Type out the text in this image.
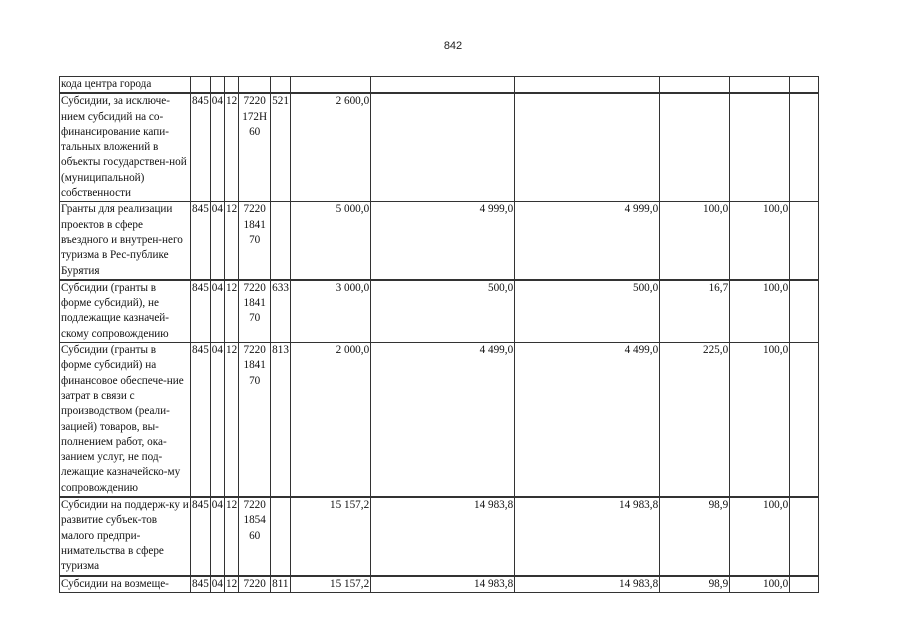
842
кода центра города											
Субсидии, за исключе-нием субсидий на со-финансирование капи-тальных вложений в объекты государствен-ной (муниципальной) собственности	845	04	12	7220 172Н 60	521	2 600,0					
Гранты для реализации проектов в сфере въездного и внутрен-него туризма в Рес-публике Бурятия	845	04	12	7220 1841 70		5 000,0	4 999,0	4 999,0	100,0	100,0	
Субсидии (гранты в форме субсидий), не подлежащие казначей-скому сопровождению	845	04	12	7220 1841 70	633	3 000,0	500,0	500,0	16,7	100,0	
Субсидии (гранты в форме субсидий) на финансовое обеспече-ние затрат в связи с производством (реали-зацией) товаров, вы-полнением работ, ока-занием услуг, не под-лежащие казначейско-му сопровождению	845	04	12	7220 1841 70	813	2 000,0	4 499,0	4 499,0	225,0	100,0	
Субсидии на поддерж-ку и развитие субъек-тов малого предпри-нимательства в сфере туризма	845	04	12	7220 1854 60		15 157,2	14 983,8	14 983,8	98,9	100,0	
Субсидии на возмеще-	845	04	12	7220	811	15 157,2	14 983,8	14 983,8	98,9	100,0	
